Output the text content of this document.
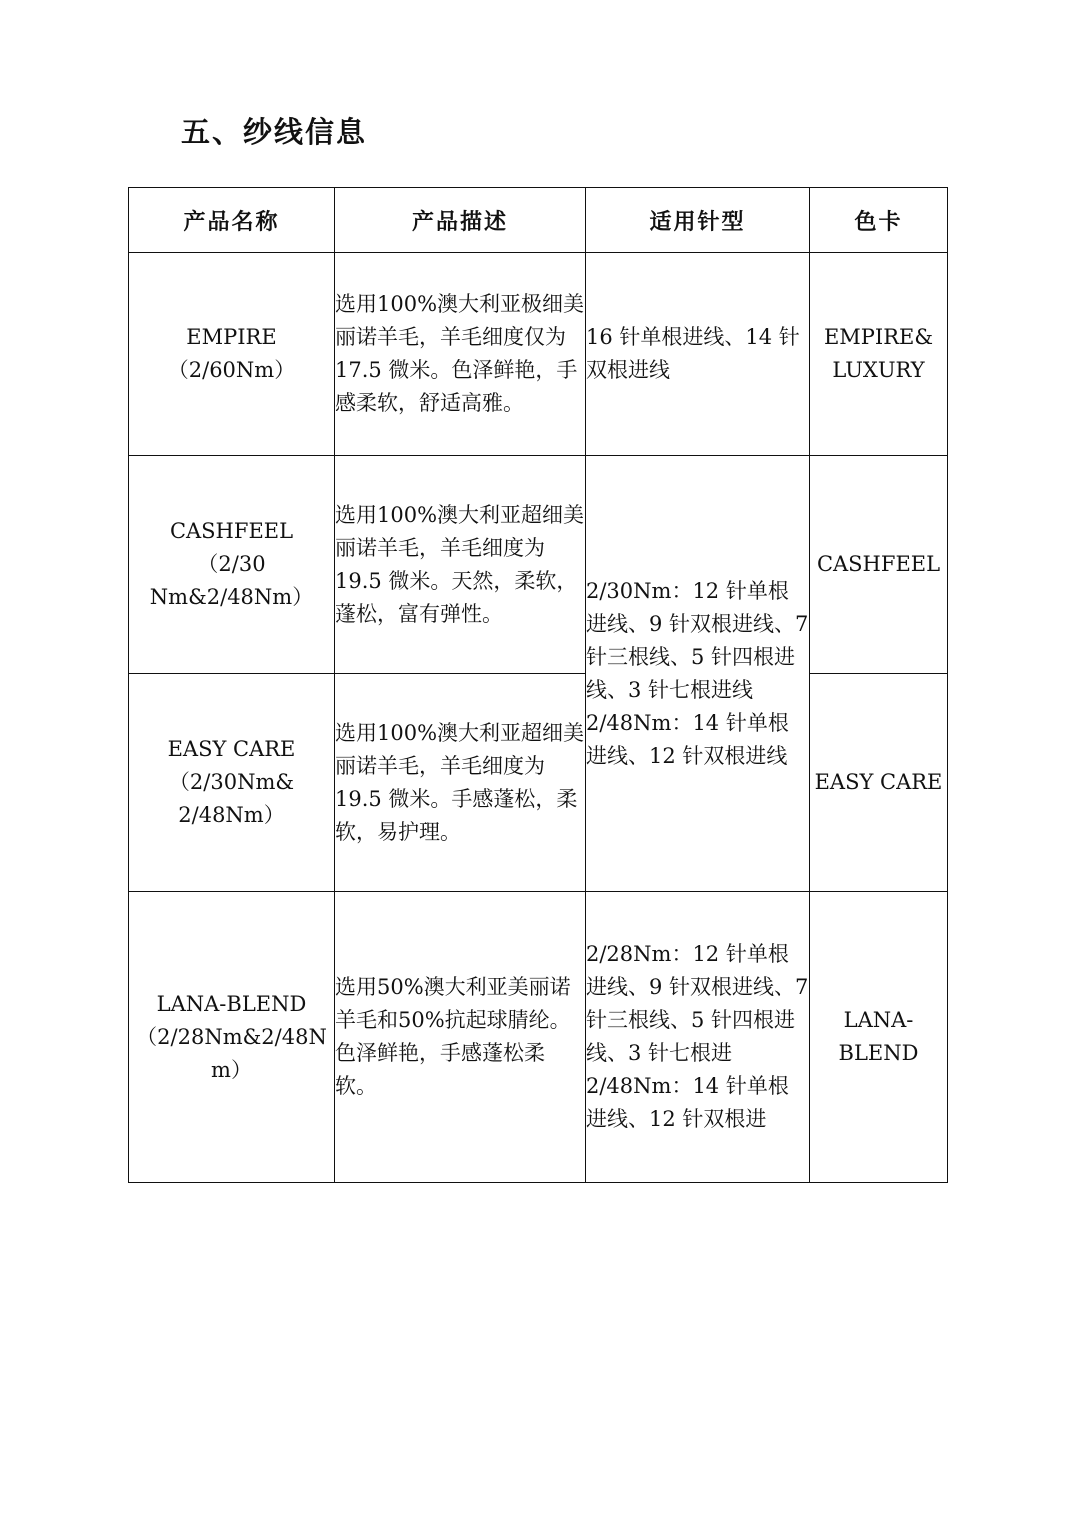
五、纱线信息
产品名称	产品描述	适用针型	色卡

EMPIRE
（2/60Nm）	选用100%澳大利亚极细美丽诺羊毛，羊毛细度仅为 17.5 微米。色泽鲜艳，手感柔软，舒适高雅。	16 针单根进线、14 针双根进线	EMPIRE&
LUXURY

CASHFEEL
（2/30
Nm&2/48Nm）	选用100%澳大利亚超细美丽诺羊毛，羊毛细度为 19.5 微米。天然，柔软，蓬松，富有弹性。	2/30Nm：12 针单根进线、9 针双根进线、7 针三根线、5 针四根进线、3 针七根进线
2/48Nm：14 针单根进线、12 针双根进线	CASHFEEL

EASY CARE
（2/30Nm&
2/48Nm）	选用100%澳大利亚超细美丽诺羊毛，羊毛细度为19.5 微米。手感蓬松，柔软，易护理。		EASY CARE

LANA-BLEND
（2/28Nm&2/48N
m）	选用50%澳大利亚美丽诺羊毛和50%抗起球腈纶。色泽鲜艳，手感蓬松柔软。	2/28Nm：12 针单根进线、9 针双根进线、7 针三根线、5 针四根进 线、3 针七根进
2/48Nm：14 针单根进线、12 针双根进	LANA-
BLEND
